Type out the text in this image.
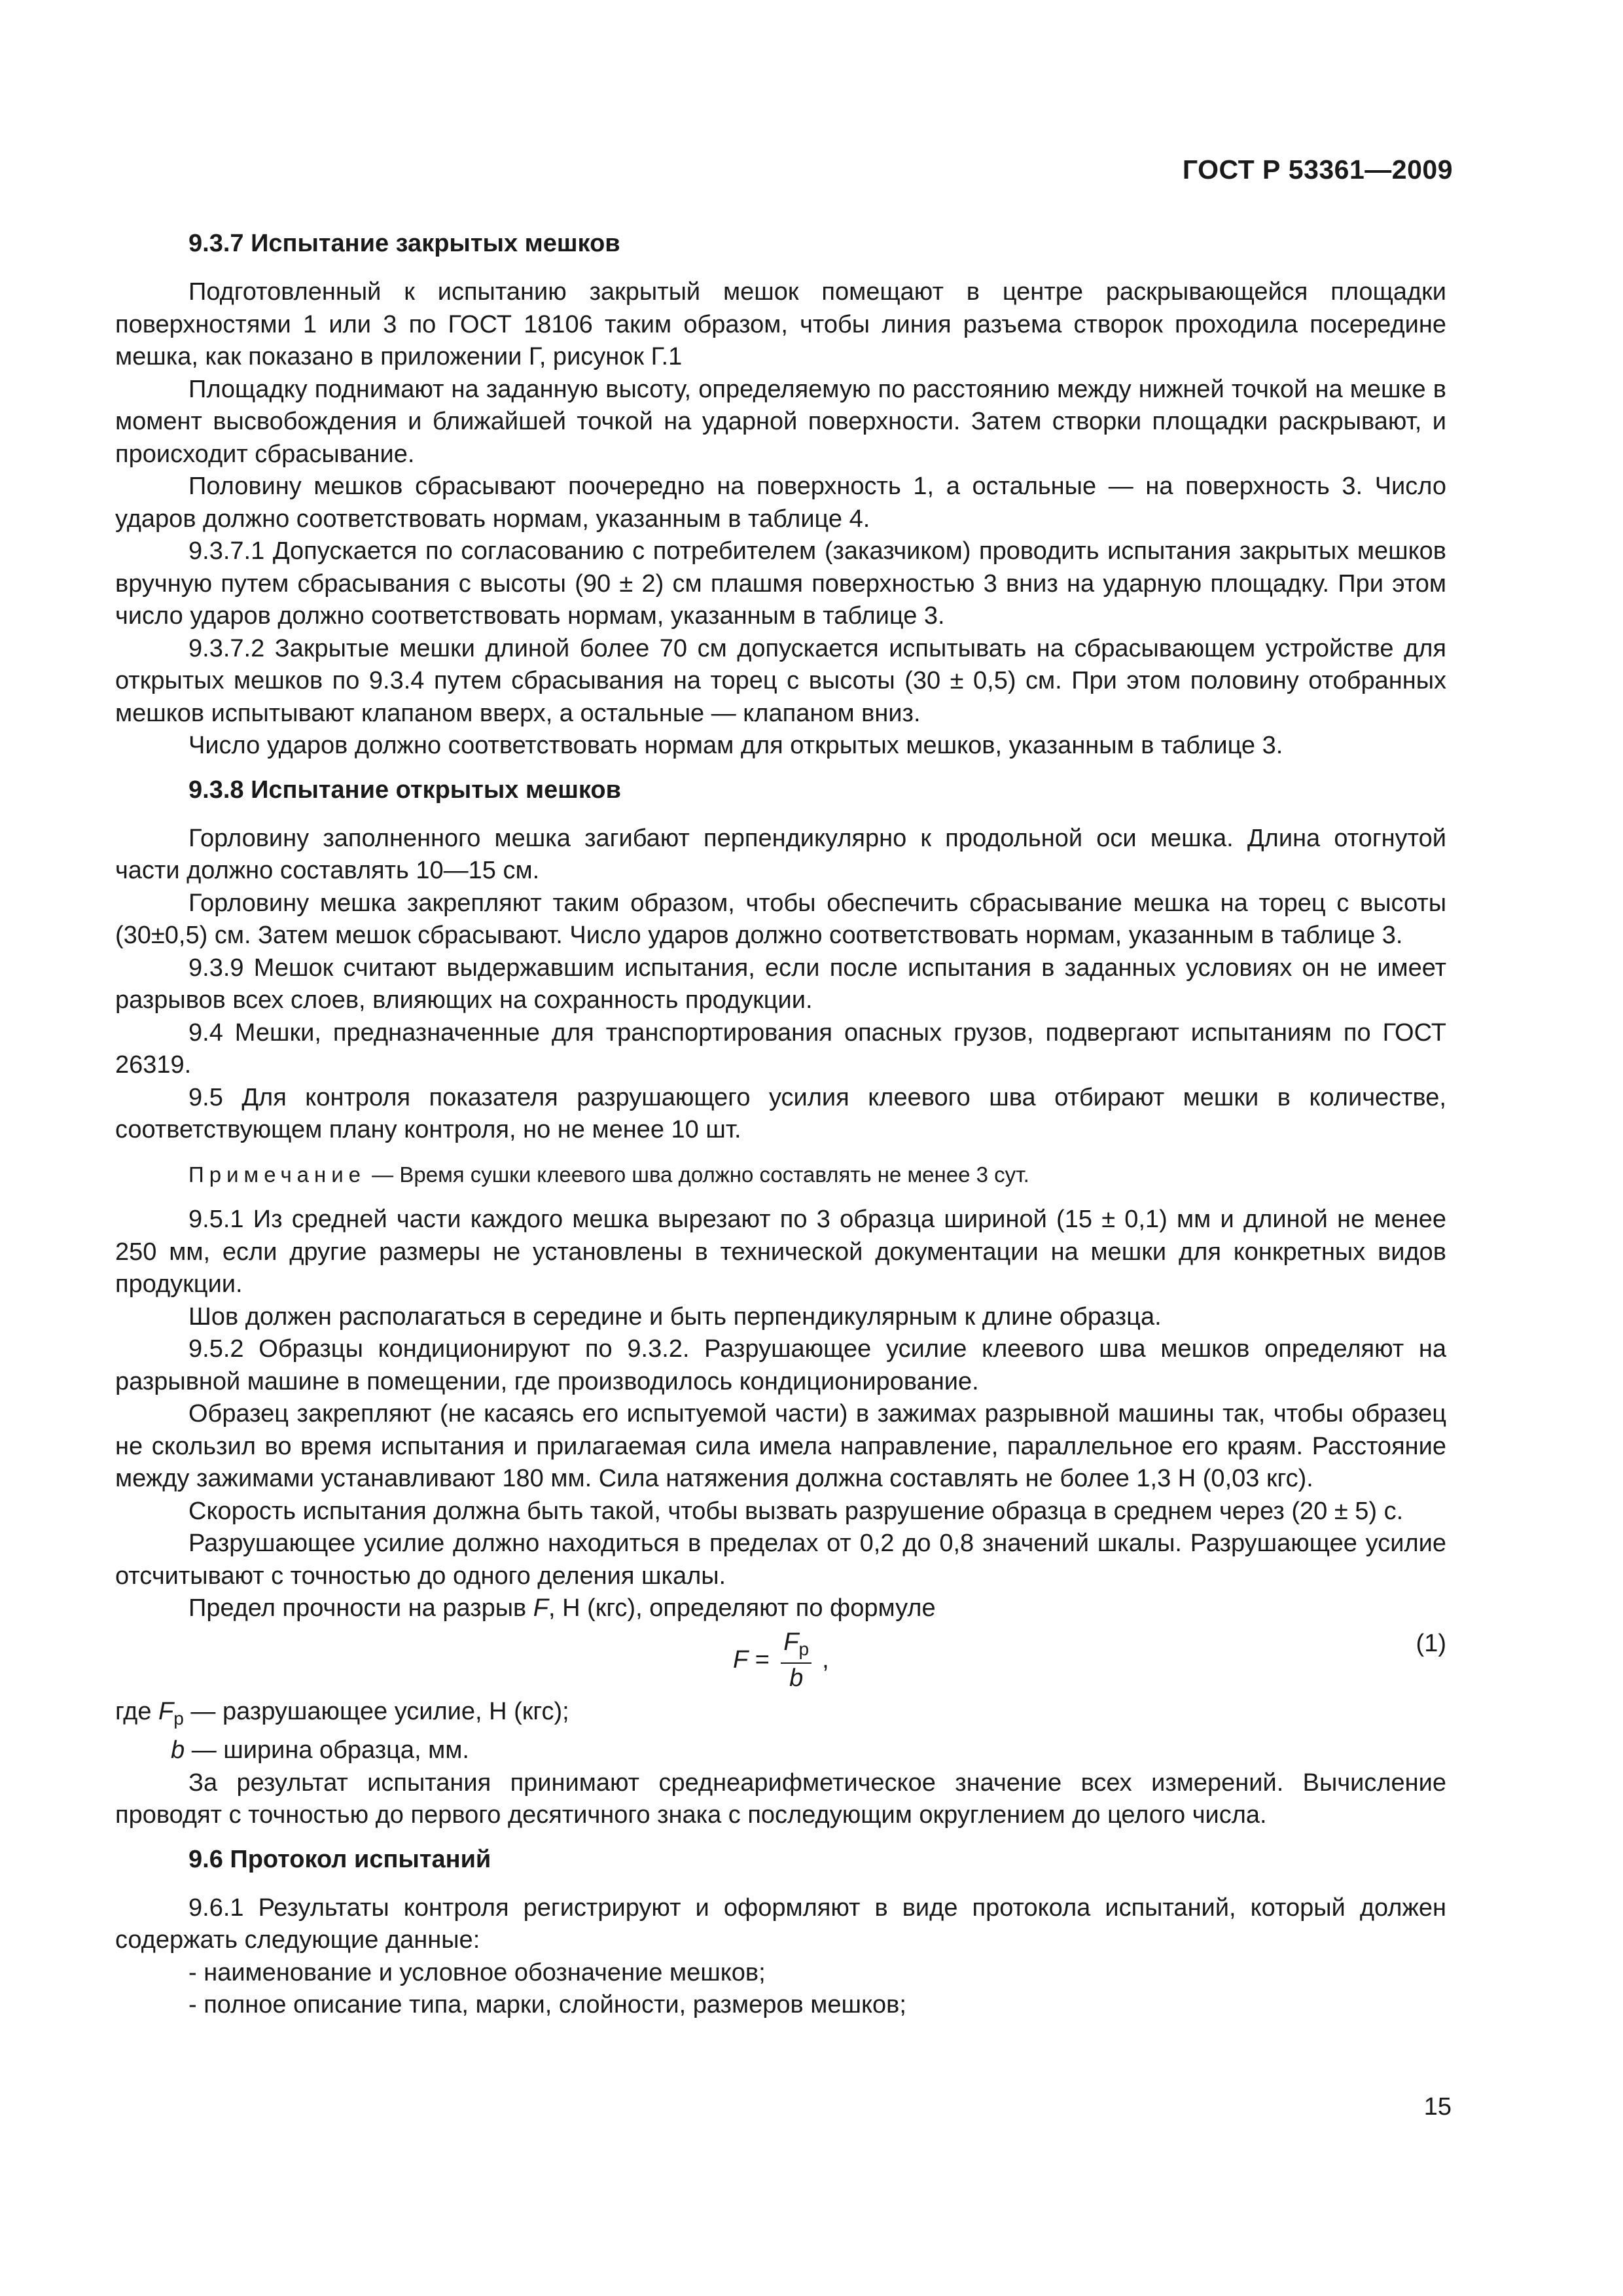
ГОСТ Р 53361—2009
9.3.7 Испытание закрытых мешков

Подготовленный к испытанию закрытый мешок помещают в центре раскрывающейся площадки поверхностями 1 или 3 по ГОСТ 18106 таким образом, чтобы линия разъема створок проходила посередине мешка, как показано в приложении Г, рисунок Г.1

Площадку поднимают на заданную высоту, определяемую по расстоянию между нижней точкой на мешке в момент высвобождения и ближайшей точкой на ударной поверхности. Затем створки площадки раскрывают, и происходит сбрасывание.

Половину мешков сбрасывают поочередно на поверхность 1, а остальные — на поверхность 3. Число ударов должно соответствовать нормам, указанным в таблице 4.

9.3.7.1 Допускается по согласованию с потребителем (заказчиком) проводить испытания закрытых мешков вручную путем сбрасывания с высоты (90 ± 2) см плашмя поверхностью 3 вниз на ударную площадку. При этом число ударов должно соответствовать нормам, указанным в таблице 3.

9.3.7.2 Закрытые мешки длиной более 70 см допускается испытывать на сбрасывающем устройстве для открытых мешков по 9.3.4 путем сбрасывания на торец с высоты (30 ± 0,5) см. При этом половину отобранных мешков испытывают клапаном вверх, а остальные — клапаном вниз.

Число ударов должно соответствовать нормам для открытых мешков, указанным в таблице 3.

9.3.8 Испытание открытых мешков

Горловину заполненного мешка загибают перпендикулярно к продольной оси мешка. Длина отогнутой части должно составлять 10—15 см.

Горловину мешка закрепляют таким образом, чтобы обеспечить сбрасывание мешка на торец с высоты (30±0,5) см. Затем мешок сбрасывают. Число ударов должно соответствовать нормам, указанным в таблице 3.

9.3.9 Мешок считают выдержавшим испытания, если после испытания в заданных условиях он не имеет разрывов всех слоев, влияющих на сохранность продукции.

9.4 Мешки, предназначенные для транспортирования опасных грузов, подвергают испытаниям по ГОСТ 26319.

9.5 Для контроля показателя разрушающего усилия клеевого шва отбирают мешки в количестве, соответствующем плану контроля, но не менее 10 шт.

Примечание — Время сушки клеевого шва должно составлять не менее 3 сут.

9.5.1 Из средней части каждого мешка вырезают по 3 образца шириной (15 ± 0,1) мм и длиной не менее 250 мм, если другие размеры не установлены в технической документации на мешки для конкретных видов продукции.

Шов должен располагаться в середине и быть перпендикулярным к длине образца.

9.5.2 Образцы кондиционируют по 9.3.2. Разрушающее усилие клеевого шва мешков определяют на разрывной машине в помещении, где производилось кондиционирование.

Образец закрепляют (не касаясь его испытуемой части) в зажимах разрывной машины так, чтобы образец не скользил во время испытания и прилагаемая сила имела направление, параллельное его краям. Расстояние между зажимами устанавливают 180 мм. Сила натяжения должна составлять не более 1,3 Н (0,03 кгс).

Скорость испытания должна быть такой, чтобы вызвать разрушение образца в среднем через (20 ± 5) с.

Разрушающее усилие должно находиться в пределах от 0,2 до 0,8 значений шкалы. Разрушающее усилие отсчитывают с точностью до одного деления шкалы.

Предел прочности на разрыв F, Н (кгс), определяют по формуле

$F = \frac{F_р}{b}$ ,
(1)

где $F_р$ — разрушающее усилие, Н (кгс);

b — ширина образца, мм.

За результат испытания принимают среднеарифметическое значение всех измерений. Вычисление проводят с точностью до первого десятичного знака с последующим округлением до целого числа.

9.6 Протокол испытаний

9.6.1 Результаты контроля регистрируют и оформляют в виде протокола испытаний, который должен содержать следующие данные:

- наименование и условное обозначение мешков;

- полное описание типа, марки, слойности, размеров мешков;

15
